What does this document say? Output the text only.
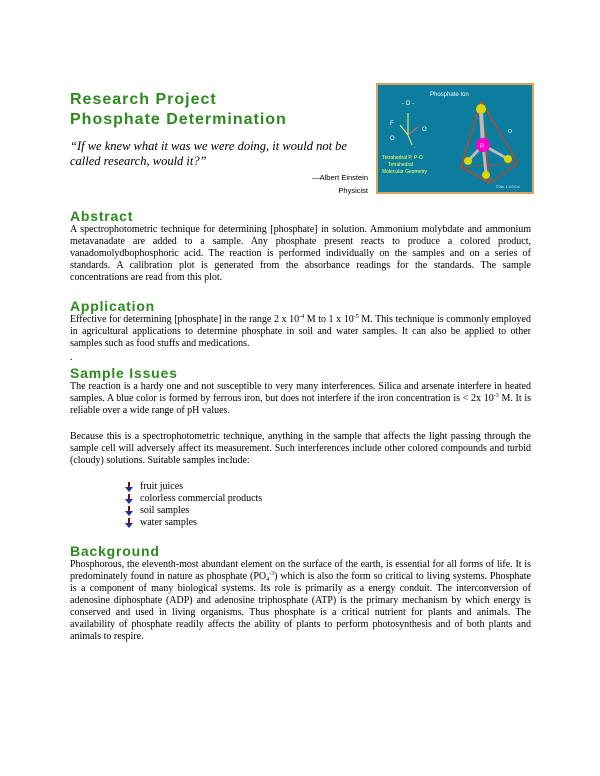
Research Project
Phosphate Determination

“If we knew what it was we were doing, it would not be called research, would it?”

—Albert Einstein
Physicist
Phosphate Ion
- O -
F
O
O
·	P
O
Tetrahedral P, P-O
Tetrahedral
Molecular Geometry
© Nc. 1.0.0.0.d
Abstract

A spectrophotometric technique for determining [phosphate] in solution. Ammonium molybdate and ammonium metavanadate are added to a sample. Any phosphate present reacts to produce a colored product, vanadomolydbophosphoric acid. The reaction is performed individually on the samples and on a series of standards. A calibration plot is generated from the absorbance readings for the standards. The sample concentrations are read from this plot.

Application

Effective for determining [phosphate] in the range 2 x $10^{-4}$ M to 1 x $10^{-5}$ M. This technique is commonly employed in agricultural applications to determine phosphate in soil and water samples. It can also be applied to other samples such as food stuffs and medications.

.
Sample Issues

The reaction is a hardy one and not susceptible to very many interferences. Silica and arsenate interfere in heated samples. A blue color is formed by ferrous iron, but does not interfere if the iron concentration is < 2x $10^{-3}$ M. It is reliable over a wide range of pH values.

Because this is a spectrophotometric technique, anything in the sample that affects the light passing through the sample cell will adversely affect its measurement. Such interferences include other colored compounds and turbid (cloudy) solutions. Suitable samples include:

fruit juices
colorless commercial products
soil samples
water samples
Background

Phosphorous, the eleventh-most abundant element on the surface of the earth, is essential for all forms of life. It is predominately found in nature as phosphate $(PO_4^{-3})$ which is also the form so critical to living systems. Phosphate is a component of many biological systems. Its role is primarily as a energy conduit. The interconversion of adenosine diphosphate (ADP) and adenosine triphosphate (ATP) is the primary mechanism by which energy is conserved and used in living organisms. Thus phosphate is a critical nutrient for plants and animals. The availability of phosphate readily affects the ability of plants to perform photosynthesis and of both plants and animals to respire.
